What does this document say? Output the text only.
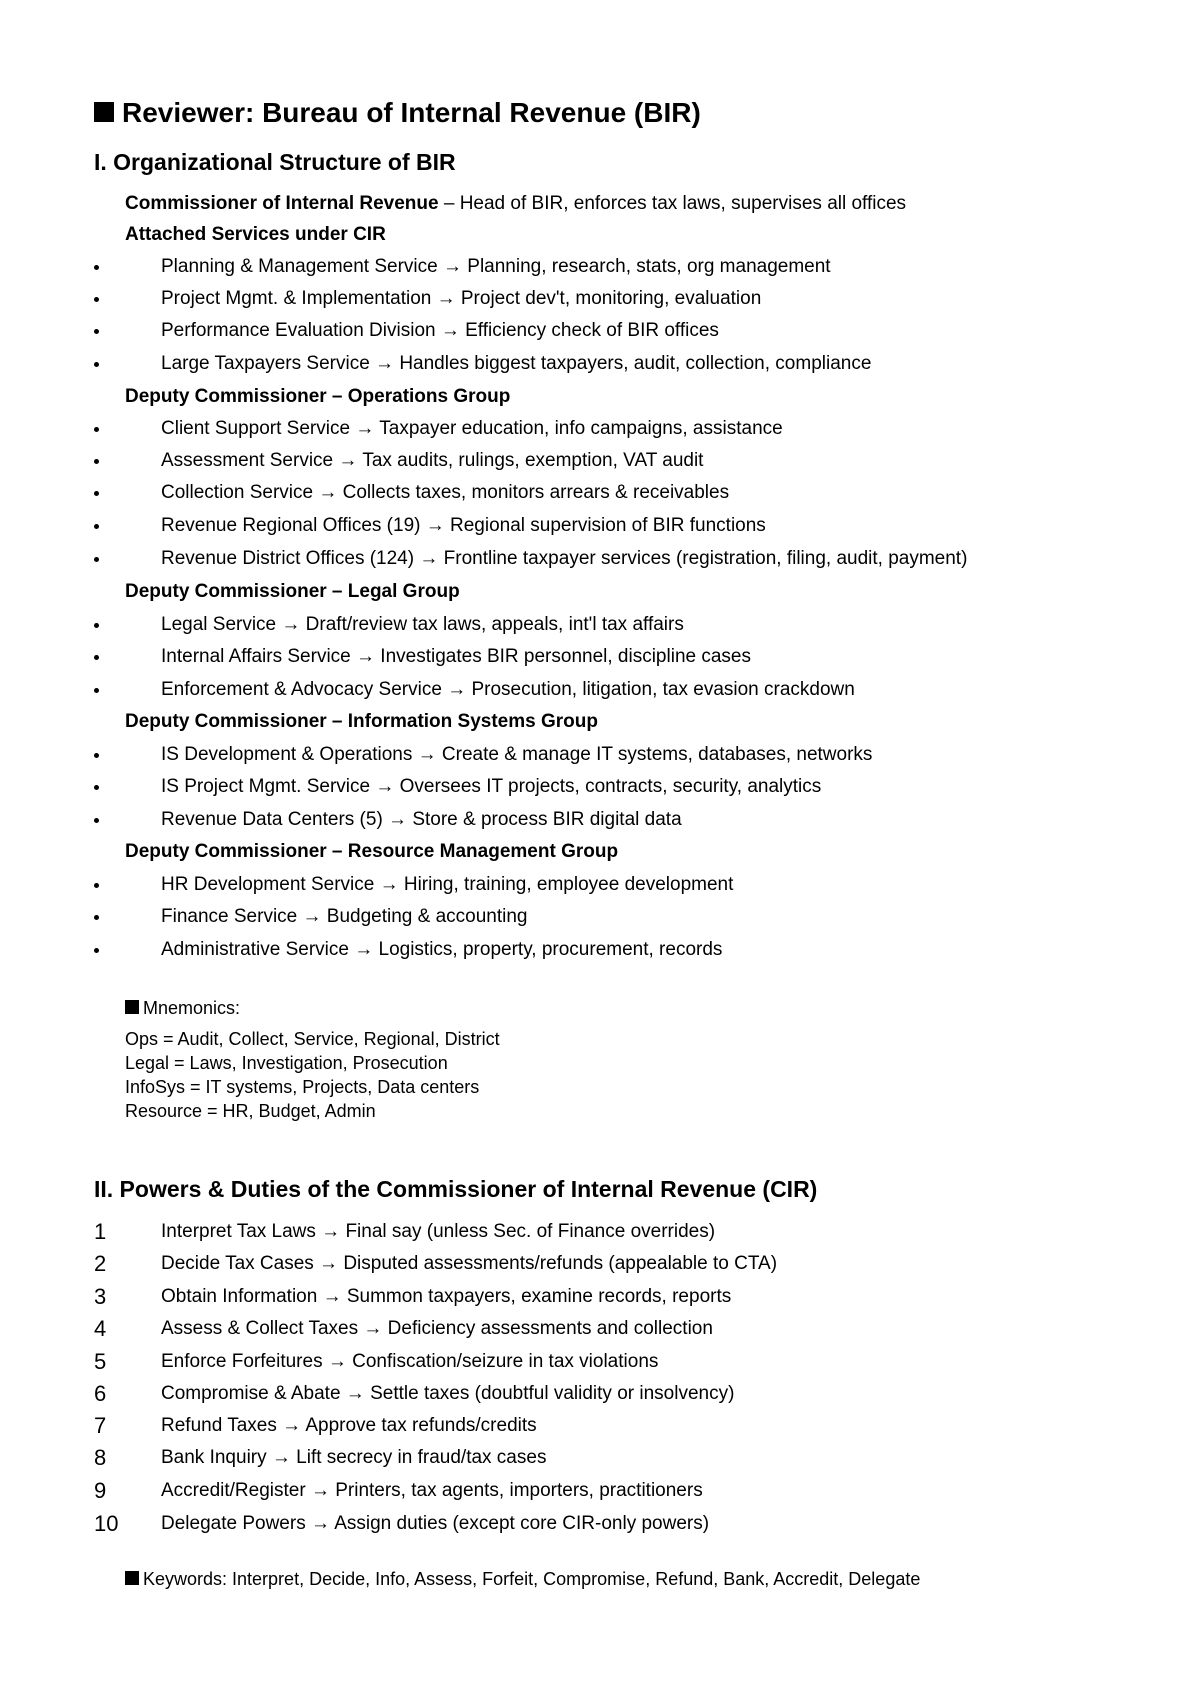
Reviewer: Bureau of Internal Revenue (BIR)
I. Organizational Structure of BIR
Commissioner of Internal Revenue – Head of BIR, enforces tax laws, supervises all offices
Attached Services under CIR
Planning & Management Service → Planning, research, stats, org management
Project Mgmt. & Implementation → Project dev't, monitoring, evaluation
Performance Evaluation Division → Efficiency check of BIR offices
Large Taxpayers Service → Handles biggest taxpayers, audit, collection, compliance
Deputy Commissioner – Operations Group
Client Support Service → Taxpayer education, info campaigns, assistance
Assessment Service → Tax audits, rulings, exemption, VAT audit
Collection Service → Collects taxes, monitors arrears & receivables
Revenue Regional Offices (19) → Regional supervision of BIR functions
Revenue District Offices (124) → Frontline taxpayer services (registration, filing, audit, payment)
Deputy Commissioner – Legal Group
Legal Service → Draft/review tax laws, appeals, int'l tax affairs
Internal Affairs Service → Investigates BIR personnel, discipline cases
Enforcement & Advocacy Service → Prosecution, litigation, tax evasion crackdown
Deputy Commissioner – Information Systems Group
IS Development & Operations → Create & manage IT systems, databases, networks
IS Project Mgmt. Service → Oversees IT projects, contracts, security, analytics
Revenue Data Centers (5) → Store & process BIR digital data
Deputy Commissioner – Resource Management Group
HR Development Service → Hiring, training, employee development
Finance Service → Budgeting & accounting
Administrative Service → Logistics, property, procurement, records
Mnemonics:
Ops = Audit, Collect, Service, Regional, District
Legal = Laws, Investigation, Prosecution
InfoSys = IT systems, Projects, Data centers
Resource = HR, Budget, Admin
II. Powers & Duties of the Commissioner of Internal Revenue (CIR)
1	Interpret Tax Laws → Final say (unless Sec. of Finance overrides)
2	Decide Tax Cases → Disputed assessments/refunds (appealable to CTA)
3	Obtain Information → Summon taxpayers, examine records, reports
4	Assess & Collect Taxes → Deficiency assessments and collection
5	Enforce Forfeitures → Confiscation/seizure in tax violations
6	Compromise & Abate → Settle taxes (doubtful validity or insolvency)
7	Refund Taxes → Approve tax refunds/credits
8	Bank Inquiry → Lift secrecy in fraud/tax cases
9	Accredit/Register → Printers, tax agents, importers, practitioners
10 Delegate Powers → Assign duties (except core CIR-only powers)
Keywords: Interpret, Decide, Info, Assess, Forfeit, Compromise, Refund, Bank, Accredit, Delegate
